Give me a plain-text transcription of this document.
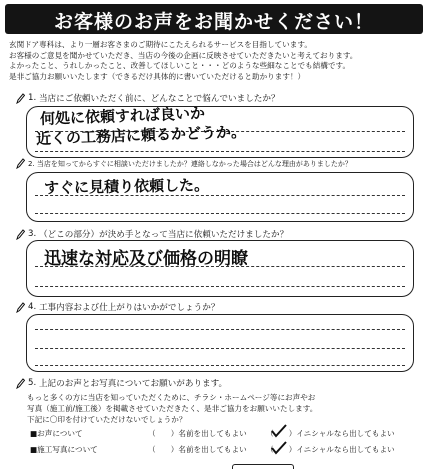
お客様のお声をお聞かせください！
玄関ドア専科は、より一層お客さまのご期待にこたえられるサービスを目指しています。
お客様のご意見を聞かせていただき、当店の今後の企画に反映させていただきたいと考えております。
よかったこと、うれしかったこと、改善してほしいこと・・・どのような些細なことでも結構です。
是非ご協力お願いいたします（できるだけ具体的に書いていただけると助かります！）
1.
当店にご依頼いただく前に、どんなことで悩んでいましたか？
何処に依頼すれば良いか
近くの工務店に頼るかどうか。
2.
当店を知ってからすぐに相談いただけましたか？連絡しなかった場合はどんな理由がありましたか？
すぐに見積り依頼した。
3.
（どこの部分）が決め手となって当店に依頼いただけましたか？
迅速な対応及び価格の明瞭
4.
工事内容および仕上がりはいかがでしょうか？
5.
上記のお声とお写真についてお願いがあります。
もっと多くの方に当店を知っていただくために、チラシ・ホームページ等にお声やお
写真（施工前/施工後）を掲載させていただきたく、是非ご協力をお願いいたします。
下記に〇印を付けていただけないでしょうか？
■お声について	（　　）名前を出してもよい	（　　）イニシャルなら出してもよい
■施工写真について	（　　）名前を出してもよい	（　　）イニシャルなら出してもよい
